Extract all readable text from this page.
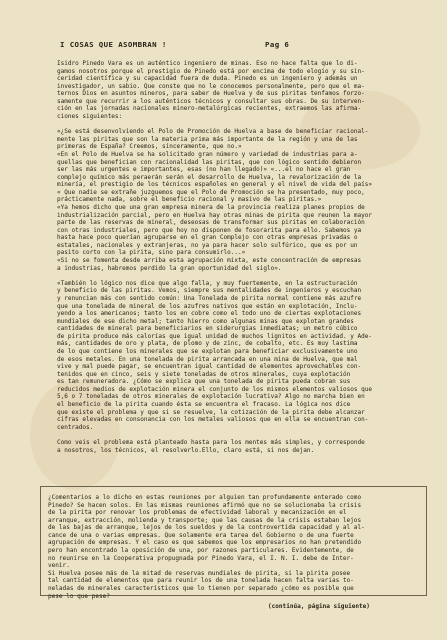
I COSAS QUE ASOMBRAN !	Pag 6

Isidro Pinedo Vara es un auténtico ingeniero de minas. Eso no hace falta que lo di-
gamos nosotros porque el prestigio de Pinedo está por encima de todo elogio y su sin-
ceridad científica y su capacidad fuera de duda. Pinedo es un ingeniero y además un
investigador, un sabio. Que conste que no le conocemos personalmente, pero que el ma-
ternos Dios en asuntos mineros, para saber de Huelva y de sus piritas tenfamos forzo-
samente que recurrir a los auténticos técnicos y consultar sus obras. De su interven-
ción en las jornadas nacionales minero-metalúrgicas recientes, extraemos las afirma-
ciones siguientes:

«¿Se está desenvolviendo el Polo de Promoción de Huelva a base de beneficiar racional-
mente las piritas que son la materia prima más importante de la región y una de las
primeras de España? Creemos, sinceramente, que no.»
«En el Polo de Huelva se ha solicitado gran número y variedad de industrias para a-
quellas que benefician con racionalidad las piritas, que con lógico sentido debieron
ser las más urgentes e importantes, esas (no han llegado)» «...el no hace el gran
complejo químico más peraerán serán el desarrollo de Huelva, la revalorización de la
minería, el prestigio de los técnicos españoles en general y el nivel de vida del país»
« Que nadie se extrañe juzguemos que el Polo de Promoción se ha presentado, muy poco,
prácticamente nada, sobre el beneficio racional y masivo de las piritas.»
«Ya hemos dicho que una gran empresa minera de la provincia realiza planes propios de
industrialización parcial, pero en Huelva hay otras minas de pirita que reunen la mayor
parte de las reservas de mineral, deseosas de transformar sus piritas en colaboración
con otras industriales, pero que hoy no disponen de fosorarita para ello. Sabemos ya
hasta hace poco querían agruparse en el gran Complejo con otras empresas privadas o
estatales, nacionales y extranjeras, no ya para hacer solo sulfúrico, que es por un
pasito corto con la pirita, sino para consumirlo...»
«Si no se fomenta desde arriba esta agrupación mixta, este concentración de empresas
a industrias, habremos perdido la gran oportunidad del siglo».

«También lo lógico nos dice que algo falla, y muy fuertemente, en la estructuración
y beneficio de las piritas. Vemos, siempre sus mentalidades de ingenieros y escuchan
y renuncian más con sentido común: Una Tonelada de pirita normal contiene más azufre
que una tonelada de mineral de los azufres nativos que están en explotación, Inclu-
yendo a los americanos; tanto los en cobre como el todo uno de ciertas explotaciones
mundiales de ese dicho metal; tanto hierro como algunas minas que explotan grandes
cantidades de mineral para beneficiarios en siderurgias inmediatas; un metro cúbico
de pirita produce más calorías que igual unidad de muchos lignitos en actividad. y Ade-
más, cantidades de oro y plata, de plomo y de zinc, de cobalto, etc. Es muy lastima
de lo que contiene los minerales que se explotan para beneficiar exclusivamente uno
de esos metales. En una tonelada de pirita arrancada en una mina de Huelva, que mal
vive y mal puede pagar, se encuentran igual cantidad de elementos aprovechables con-
tenidos que en cinco, seis y siete toneladas de otros minerales, cuya explotación
es tan remuneradora. ¿Cómo se explica que una tonelada de pirita pueda cobran sus
reducidos medios de explotación minera el conjunto de los mismos elementos valiosos que
5,6 o 7 toneladas de otros minerales de explotación lucrativa? Algo no marcha bien en
el beneficio de la pirita cuando ésta se encuentra el fracaso. La lógica nos dice
que existe el problema y que si se resuelve, la cotización de la pirita debe alcanzar
cifras elevadas en consonancia con los metales valiosos que en ella se encuentran con-
centrados.

Como veis el problema está planteado hasta para los mentes más simples, y corresponde
a nosotros, los técnicos, el resolverlo.Ello, claro está, si nos dejan.

¿Comentarios a lo dicho en estas reuniones por alguien tan profundamente enterado como
Pinedo? Se hacen solos. En las mismas reuniones afirmó que no se solucionaba la crisis
de la pirita por renovar los problemas de efectividad laboral y mecanización en el
arranque, extracción, molienda y transporte; que las causas de la crisis estaban lejos
de las bajas de arranque, lejos de los sueldos y de la controvertida capacidad y al al-
cance de una o varias empresas. Que solamente era tarea del Gobierno o de una fuerte
agrupación de empresas. Y el caso es que sabemos que los empresarios no han pretendido
pero han encontrado la oposición de una, por razones particulares. Evidentemente, de
no reunirse en la Cooperativa propugnada por Pinedo Vara, el I. N. I. debe de Inter-
venir.
Si Huelva posee más de la mitad de reservas mundiales de pirita, si la pirita posee
tal cantidad de elementos que para reunir los de una tonelada hacen falta varias to-
neladas de minerales característicos que lo tienen por separado ¿cómo es posible que
pese lo que pese?
(continúa, página siguiente)
